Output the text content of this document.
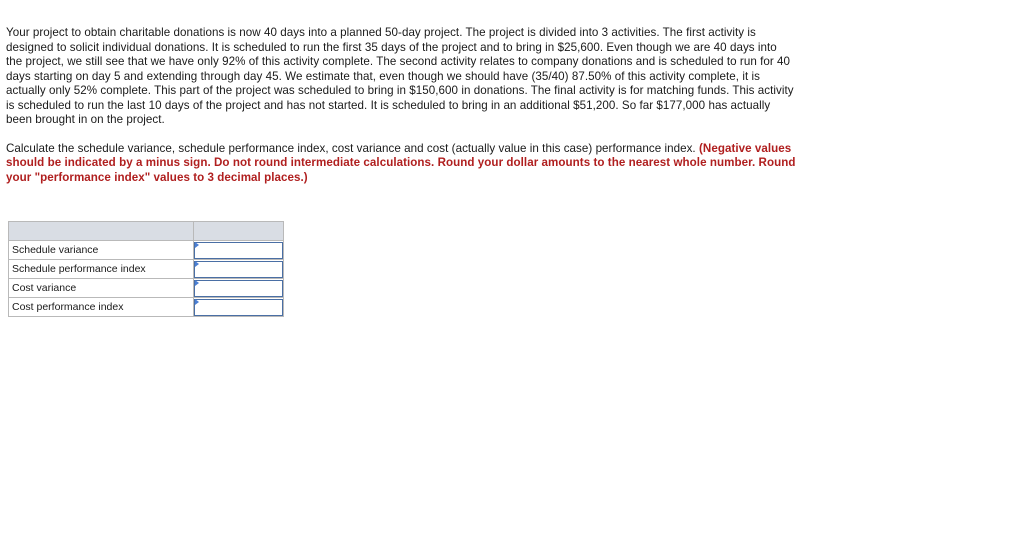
Your project to obtain charitable donations is now 40 days into a planned 50-day project. The project is divided into 3 activities. The first activity is designed to solicit individual donations. It is scheduled to run the first 35 days of the project and to bring in $25,600. Even though we are 40 days into the project, we still see that we have only 92% of this activity complete. The second activity relates to company donations and is scheduled to run for 40 days starting on day 5 and extending through day 45. We estimate that, even though we should have (35/40) 87.50% of this activity complete, it is actually only 52% complete. This part of the project was scheduled to bring in $150,600 in donations. The final activity is for matching funds. This activity is scheduled to run the last 10 days of the project and has not started. It is scheduled to bring in an additional $51,200. So far $177,000 has actually been brought in on the project.

Calculate the schedule variance, schedule performance index, cost variance and cost (actually value in this case) performance index. (Negative values should be indicated by a minus sign. Do not round intermediate calculations. Round your dollar amounts to the nearest whole number. Round your "performance index" values to 3 decimal places.)

Schedule variance	

Schedule performance index	

Cost variance	

Cost performance index	
